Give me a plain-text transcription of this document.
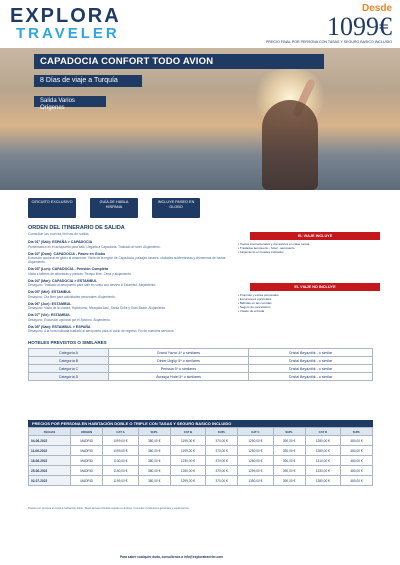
EXPLORA
TRAVELER
Desde
1099€
PRECIO FINAL POR PERSONA CON TASAS Y SEGURO BASICO INCLUIDO
CAPADOCIA CONFORT TODO AVION
8 Días de viaje a Turquía
Salida Varios Orígenes
CIRCUITO EXCLUSIVO	GUÍA DE HABLA HISPANA
INCLUYE PASEO EN GLOBO
ORDEN DEL ITINERARIO DE SALIDA
Consultar las nuevas fechas de salida.
Día 01º (Sáb): ESPAÑA > CAPADOCIA
Presentación en el aeropuerto para salir. Llegada a Capadocia. Traslado al hotel. Alojamiento.
Día 02º (Dom): CAPADOCIA - Paseo en Globo
Excursión opcional en globo al amanecer. Visita de la región de Capadocia, paisajes lunares, ciudades subterráneas y chimeneas de hadas. Alojamiento.
Día 03º (Lun): CAPADOCIA - Pensión Completa
Visita a talleres de alfombras y piedras. Tiempo libre. Cena y alojamiento.
Día 04º (Mar): CAPADOCIA > ESTAMBUL
Desayuno. Traslado al aeropuerto para salir en vuelo con destino a Estambul. Alojamiento.
Día 05º (Mié): ESTAMBUL
Desayuno. Día libre para actividades personales. Alojamiento.
Día 06º (Jue): ESTAMBUL
Desayuno. Visita de la ciudad, Hipódromo, Mezquita Azul, Santa Sofía y Gran Bazar. Alojamiento.
Día 07º (Vie): ESTAMBUL
Desayuno. Excursión opcional por el Bósforo. Alojamiento.
Día 08º (Sáb): ESTAMBUL > ESPAÑA
Desayuno. A la hora indicada traslado al aeropuerto para el vuelo de regreso. Fin de nuestros servicios.
EL VIAJE INCLUYE
• Vuelos internacionales y domésticos en clase turista
• Traslados aeropuerto - hotel - aeropuerto
• Alojamiento en hoteles indicados
EL VIAJE NO INCLUYE
• Propinas y extras personales
• Excursiones opcionales
• Bebidas en las comidas
• Seguro de cancelación
• Visado de entrada
HOTELES PREVISTOS O SIMILARES
Categoría A	Grand Yazıcı 4* o similares	Cristal Beyazıtlık - o similar
Categoría B	Dinler Ürgüp 5* o similares	Cristal Beyazıtlık - o similar
Categoría C	Perissia 5* o similares	Cristal Beyazıtlık - o similar
Categoría D	Avrasya Hotel 5* o similares	Cristal Beyazıtlık - o similar
PRECIOS POR PERSONA EN HABITACIÓN DOBLE O TRIPLE CON TASAS Y SEGURO BASICO INCLUIDO
FECHAS	ORIGEN	CAT A	SUPL	CAT B	SUPL	CAT C	SUPL	CAT D	SUPL
04-06-2022	MADRID	1099,00 €	380,00 €	1199,00 €	370,00 €	1250,00 €	390,00 €	1280,00 €	480,00 €
11-06-2022	MADRID	1099,00 €	380,00 €	1199,00 €	370,00 €	1250,00 €	390,00 €	1280,00 €	480,00 €
18-06-2022	MADRID	1130,00 €	380,00 €	1230,00 €	370,00 €	1280,00 €	390,00 €	1310,00 €	480,00 €
25-06-2022	MADRID	1150,00 €	380,00 €	1250,00 €	370,00 €	1299,00 €	390,00 €	1330,00 €	480,00 €
02-07-2022	MADRID	1199,00 €	380,00 €	1299,00 €	370,00 €	1350,00 €	390,00 €	1380,00 €	480,00 €
Precios por persona en base a habitación doble. Tasas aéreas incluidas sujetas a cambios. Consultar condiciones generales y suplementos.
Para saber cualquier duda, consúltenos a info@exploratraveler.com
